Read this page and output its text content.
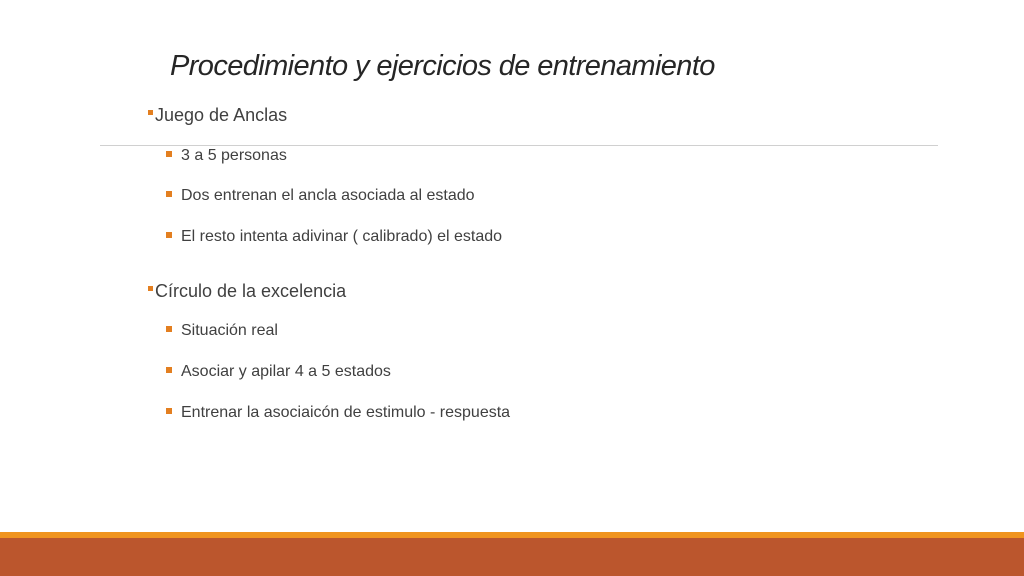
Procedimiento y ejercicios de entrenamiento
Juego de Anclas
3 a 5 personas
Dos entrenan el ancla asociada al estado
El resto intenta adivinar ( calibrado) el estado
Círculo de la excelencia
Situación real
Asociar y apilar 4 a 5 estados
Entrenar la asociaicón de estimulo - respuesta
